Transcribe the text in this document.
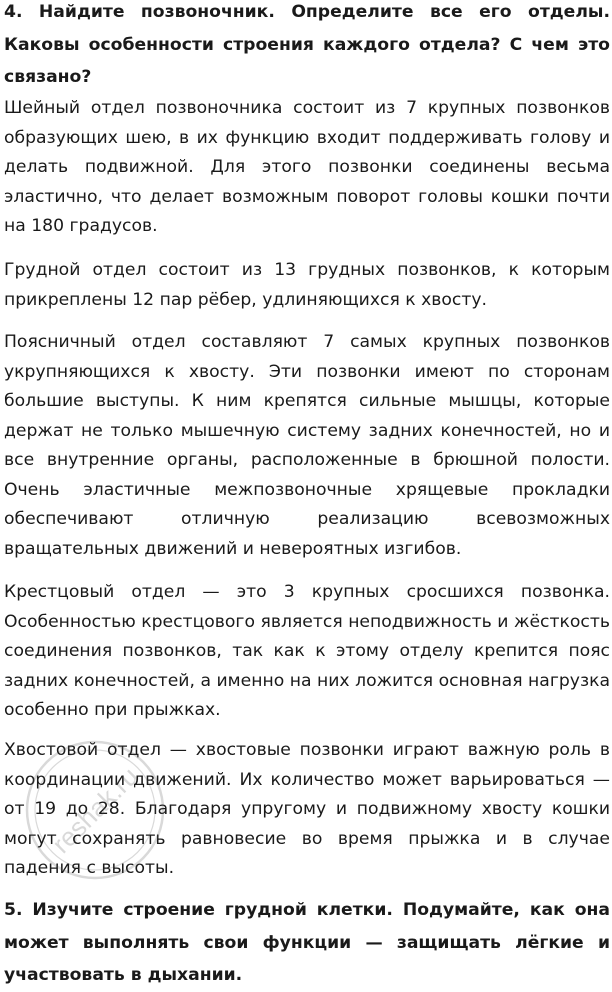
4. Найдите позвоночник. Определите все его отделы. Каковы особенности строения каждого отдела? С чем это связано?

Шейный отдел позвоночника состоит из 7 крупных позвонков образующих шею, в их функцию входит поддерживать голову и делать подвижной. Для этого позвонки соединены весьма эластично, что делает возможным поворот головы кошки почти на 180 градусов.

Грудной отдел состоит из 13 грудных позвонков, к которым прикреплены 12 пар рёбер, удлиняющихся к хвосту.

Поясничный отдел составляют 7 самых крупных позвонков укрупняющихся к хвосту. Эти позвонки имеют по сторонам большие выступы. К ним крепятся сильные мышцы, которые держат не только мышечную систему задних конечностей, но и все внутренние органы, расположенные в брюшной полости. Очень эластичные межпозвоночные хрящевые прокладки обеспечивают отличную реализацию всевозможных вращательных движений и невероятных изгибов.

Крестцовый отдел — это 3 крупных сросшихся позвонка. Особенностью крестцового является неподвижность и жёсткость соединения позвонков, так как к этому отделу крепится пояс задних конечностей, а именно на них ложится основная нагрузка особенно при прыжках.

Хвостовой отдел — хвостовые позвонки играют важную роль в координации движений. Их количество может варьироваться — от 19 до 28. Благодаря упругому и подвижному хвосту кошки могут сохранять равновесие во время прыжка и в случае падения с высоты.

5. Изучите строение грудной клетки. Подумайте, как она может выполнять свои функции — защищать лёгкие и участвовать в дыхании.

reshak.ru
